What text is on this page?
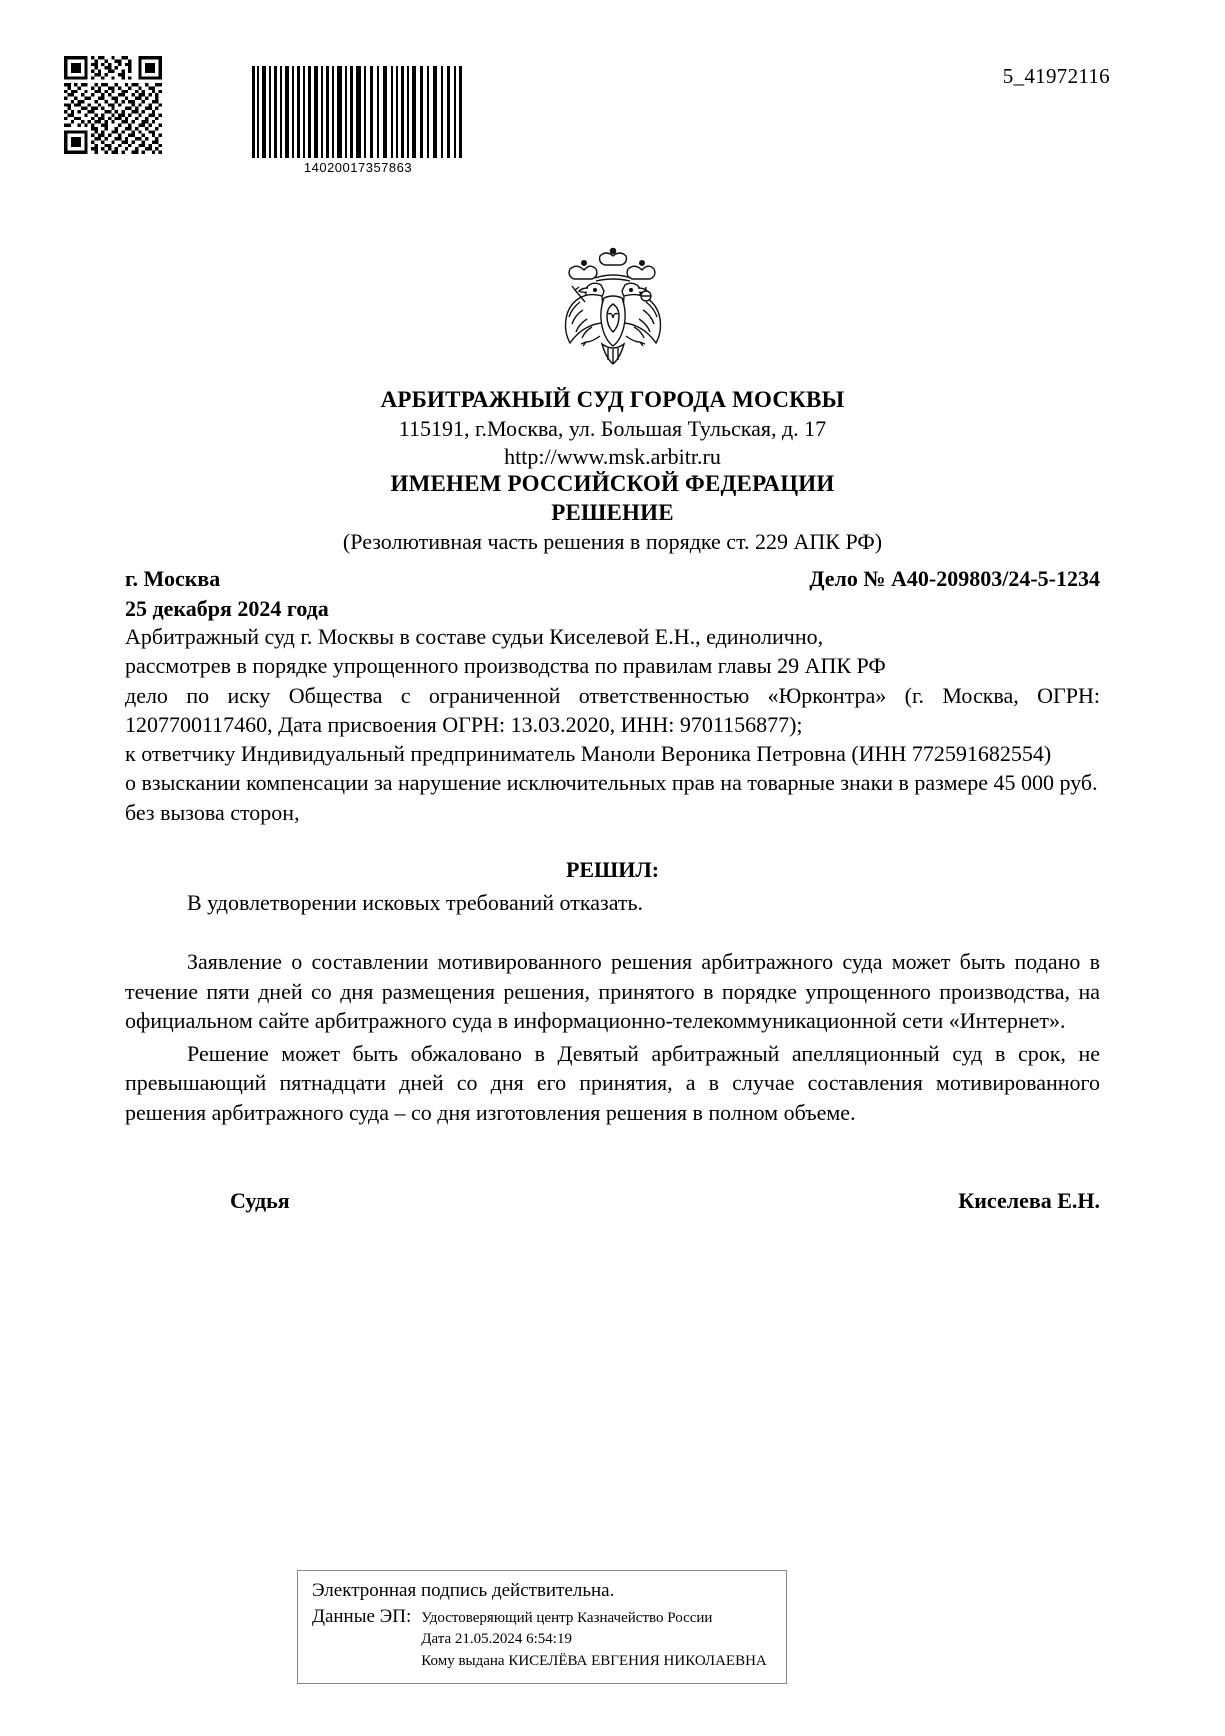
14020017357863
5_41972116
АРБИТРАЖНЫЙ СУД ГОРОДА МОСКВЫ
115191, г.Москва, ул. Большая Тульская, д. 17
http://www.msk.arbitr.ru
ИМЕНЕМ РОССИЙСКОЙ ФЕДЕРАЦИИ
РЕШЕНИЕ
(Резолютивная часть решения в порядке ст. 229 АПК РФ)
г. Москва	Дело № А40-209803/24-5-1234
25 декабря 2024 года
Арбитражный суд г. Москвы в составе судьи Киселевой Е.Н., единолично,
рассмотрев в порядке упрощенного производства по правилам главы 29 АПК РФ
дело по иску Общества с ограниченной ответственностью «Юрконтра» (г. Москва, ОГРН: 1207700117460, Дата присвоения ОГРН: 13.03.2020, ИНН: 9701156877);
к ответчику Индивидуальный предприниматель Маноли Вероника Петровна (ИНН 772591682554)
о взыскании компенсации за нарушение исключительных прав на товарные знаки в размере 45 000 руб.
без вызова сторон,
РЕШИЛ:
В удовлетворении исковых требований отказать.
Заявление о составлении мотивированного решения арбитражного суда может быть подано в течение пяти дней со дня размещения решения, принятого в порядке упрощенного производства, на официальном сайте арбитражного суда в информационно-телекоммуникационной сети «Интернет».
Решение может быть обжаловано в Девятый арбитражный апелляционный суд в срок, не превышающий пятнадцати дней со дня его принятия, а в случае составления мотивированного решения арбитражного суда – со дня изготовления решения в полном объеме.
Судья	Киселева Е.Н.
Электронная подпись действительна.
Данные ЭП: Удостоверяющий центр Казначейство России
Дата 21.05.2024 6:54:19
Кому выдана КИСЕЛЁВА ЕВГЕНИЯ НИКОЛАЕВНА
